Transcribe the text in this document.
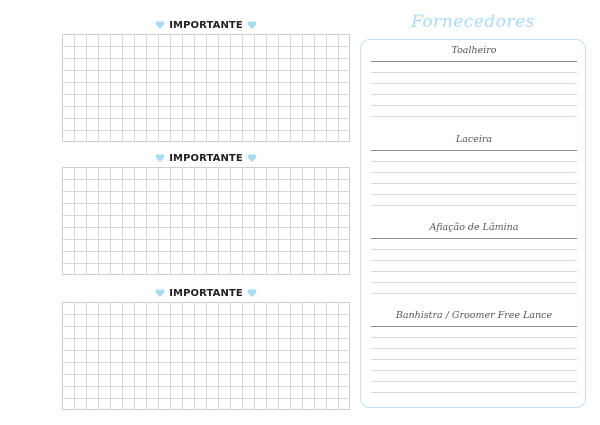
IMPORTANTE
IMPORTANTE
IMPORTANTE
Fornecedores
Toalheiro
Laceira
Afiação de Lâmina
Banhistra / Groomer Free Lance
